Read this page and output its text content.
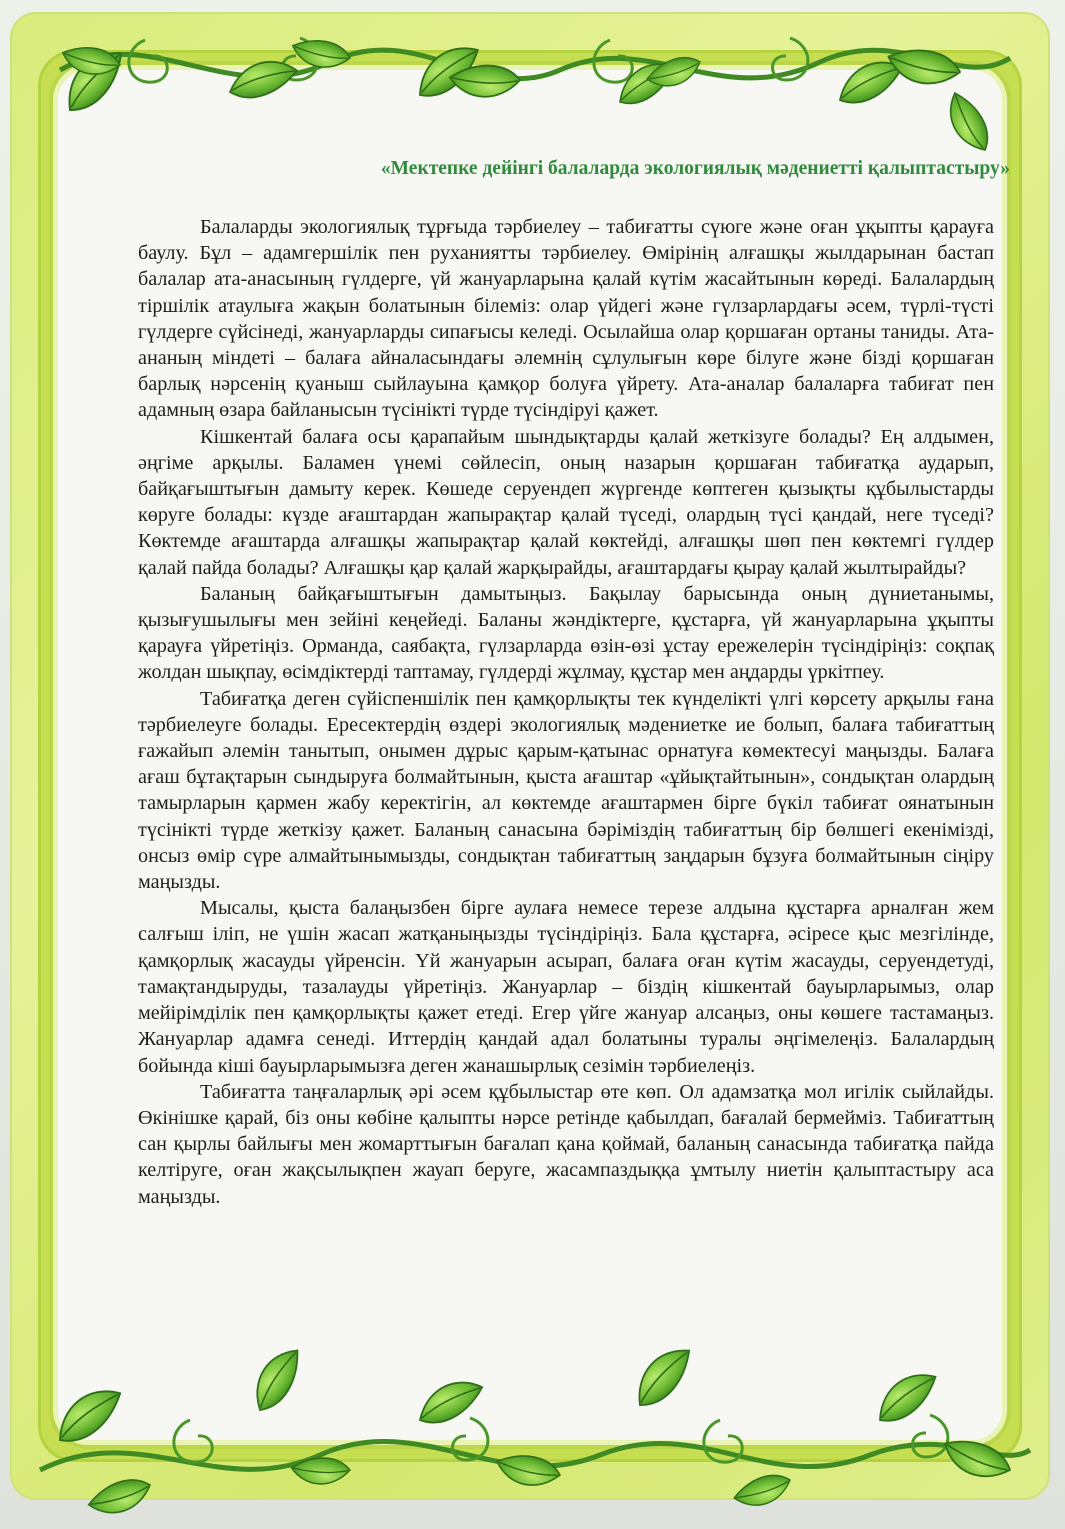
«Мектепке дейінгі балаларда экологиялық мәдениетті қалыптастыру»

Балаларды экологиялық тұрғыда тәрбиелеу – табиғатты сүюге және оған ұқыпты қарауға баулу. Бұл – адамгершілік пен руханиятты тәрбиелеу. Өмірінің алғашқы жылдарынан бастап балалар ата-анасының гүлдерге, үй жануарларына қалай күтім жасайтынын көреді. Балалардың тіршілік атаулыға жақын болатынын білеміз: олар үйдегі және гүлзарлардағы әсем, түрлі-түсті гүлдерге сүйсінеді, жануарларды сипағысы келеді. Осылайша олар қоршаған ортаны таниды. Ата-ананың міндеті – балаға айналасындағы әлемнің сұлулығын көре білуге және бізді қоршаған барлық нәрсенің қуаныш сыйлауына қамқор болуға үйрету. Ата-аналар балаларға табиғат пен адамның өзара байланысын түсінікті түрде түсіндіруі қажет.

Кішкентай балаға осы қарапайым шындықтарды қалай жеткізуге болады? Ең алдымен, әңгіме арқылы. Баламен үнемі сөйлесіп, оның назарын қоршаған табиғатқа аударып, байқағыштығын дамыту керек. Көшеде серуендеп жүргенде көптеген қызықты құбылыстарды көруге болады: күзде ағаштардан жапырақтар қалай түседі, олардың түсі қандай, неге түседі? Көктемде ағаштарда алғашқы жапырақтар қалай көктейді, алғашқы шөп пен көктемгі гүлдер қалай пайда болады? Алғашқы қар қалай жарқырайды, ағаштардағы қырау қалай жылтырайды?

Баланың байқағыштығын дамытыңыз. Бақылау барысында оның дүниетанымы, қызығушылығы мен зейіні кеңейеді. Баланы жәндіктерге, құстарға, үй жануарларына ұқыпты қарауға үйретіңіз. Орманда, саябақта, гүлзарларда өзін-өзі ұстау ережелерін түсіндіріңіз: соқпақ жолдан шықпау, өсімдіктерді таптамау, гүлдерді жұлмау, құстар мен аңдарды үркітпеу.

Табиғатқа деген сүйіспеншілік пен қамқорлықты тек күнделікті үлгі көрсету арқылы ғана тәрбиелеуге болады. Ересектердің өздері экологиялық мәдениетке ие болып, балаға табиғаттың ғажайып әлемін танытып, онымен дұрыс қарым-қатынас орнатуға көмектесуі маңызды. Балаға ағаш бұтақтарын сындыруға болмайтынын, қыста ағаштар «ұйықтайтынын», сондықтан олардың тамырларын қармен жабу керектігін, ал көктемде ағаштармен бірге бүкіл табиғат оянатынын түсінікті түрде жеткізу қажет. Баланың санасына бәріміздің табиғаттың бір бөлшегі екенімізді, онсыз өмір сүре алмайтынымызды, сондықтан табиғаттың заңдарын бұзуға болмайтынын сіңіру маңызды.

Мысалы, қыста балаңызбен бірге аулаға немесе терезе алдына құстарға арналған жем салғыш іліп, не үшін жасап жатқаныңызды түсіндіріңіз. Бала құстарға, әсіресе қыс мезгілінде, қамқорлық жасауды үйренсін. Үй жануарын асырап, балаға оған күтім жасауды, серуендетуді, тамақтандыруды, тазалауды үйретіңіз. Жануарлар – біздің кішкентай бауырларымыз, олар мейірімділік пен қамқорлықты қажет етеді. Егер үйге жануар алсаңыз, оны көшеге тастамаңыз. Жануарлар адамға сенеді. Иттердің қандай адал болатыны туралы әңгімелеңіз. Балалардың бойында кіші бауырларымызға деген жанашырлық сезімін тәрбиелеңіз.

Табиғатта таңғаларлық әрі әсем құбылыстар өте көп. Ол адамзатқа мол игілік сыйлайды. Өкінішке қарай, біз оны көбіне қалыпты нәрсе ретінде қабылдап, бағалай бермейміз. Табиғаттың сан қырлы байлығы мен жомарттығын бағалап қана қоймай, баланың санасында табиғатқа пайда келтіруге, оған жақсылықпен жауап беруге, жасампаздыққа ұмтылу ниетін қалыптастыру аса маңызды.
